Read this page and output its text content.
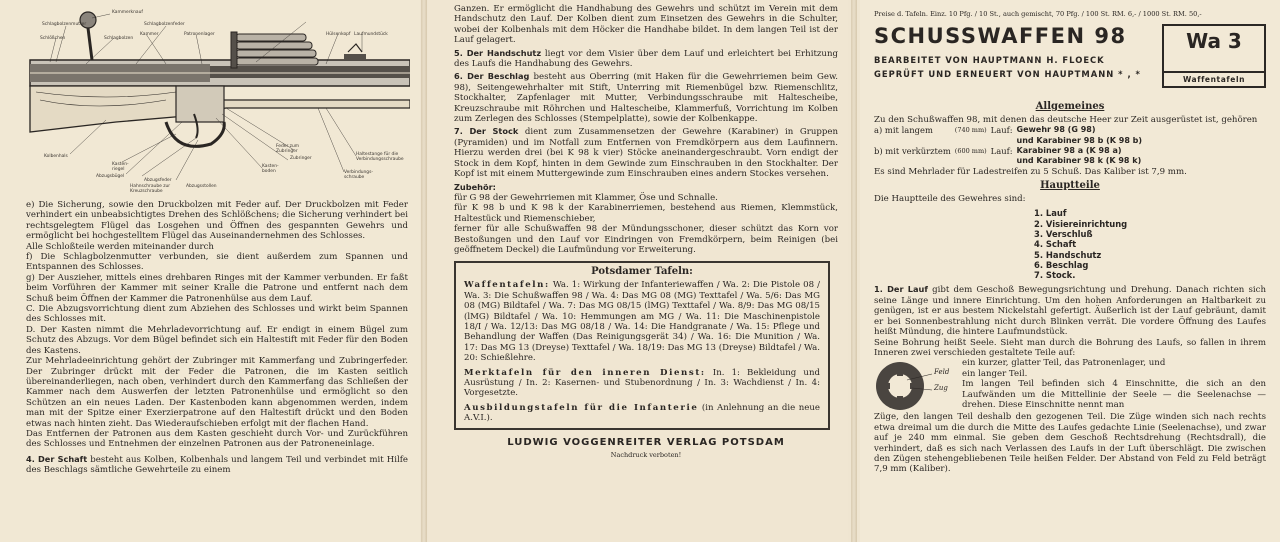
Kammerknauf
Schlagbolzenmutter
Schlößchen	Schlagbolzen
Schlagbolzenfeder
Kammer	Patronenlager	Hülsenkopf Laufmundstück
Kolbenhals
Abzugsbügel
Kasten-riegel
Abzugsfeder
Hahnschraube zur Kreuzschraube
Abzugsstollen
Kasten-boden
Zubringer
Feder zum Zubringer
Haltestange für die Verbindungsschraube
Verbindungs-schraube

e) Die Sicherung, sowie den Druckbolzen mit Feder auf. Der Druckbolzen mit Feder verhindert ein unbeabsichtigtes Drehen des Schlößchens; die Sicherung verhindert bei rechtsgelegtem Flügel das Losgehen und Öffnen des gespannten Gewehrs und ermöglicht bei hochgestelltem Flügel das Auseinandernehmen des Schlosses.

Alle Schloßteile werden miteinander durch

f) Die Schlagbolzenmutter verbunden, sie dient außerdem zum Spannen und Entspannen des Schlosses.

g) Der Auszieher, mittels eines drehbaren Ringes mit der Kammer verbunden. Er faßt beim Vorführen der Kammer mit seiner Kralle die Patrone und entfernt nach dem Schuß beim Öffnen der Kammer die Patronenhülse aus dem Lauf.

C. Die Abzugsvorrichtung dient zum Abziehen des Schlosses und wirkt beim Spannen des Schlosses mit.

D. Der Kasten nimmt die Mehrladevorrichtung auf. Er endigt in einem Bügel zum Schutz des Abzugs. Vor dem Bügel befindet sich ein Haltestift mit Feder für den Boden des Kastens.

Zur Mehrladeeinrichtung gehört der Zubringer mit Kammerfang und Zubringerfeder. Der Zubringer drückt mit der Feder die Patronen, die im Kasten seitlich übereinanderliegen, nach oben, verhindert durch den Kammerfang das Schließen der Kammer nach dem Auswerfen der letzten Patronenhülse und ermöglicht so den Schützen an ein neues Laden. Der Kastenboden kann abgenommen werden, indem man mit der Spitze einer Exerzierpatrone auf den Haltestift drückt und den Boden etwas nach hinten zieht. Das Wiederaufschieben erfolgt mit der flachen Hand.

Das Entfernen der Patronen aus dem Kasten geschieht durch Vor- und Zurückführen des Schlosses und Entnehmen der einzelnen Patronen aus der Patroneneinlage.

4. Der Schaft besteht aus Kolben, Kolbenhals und langem Teil und verbindet mit Hilfe des Beschlags sämtliche Gewehrteile zu einem

Ganzen. Er ermöglicht die Handhabung des Gewehrs und schützt im Verein mit dem Handschutz den Lauf. Der Kolben dient zum Einsetzen des Gewehrs in die Schulter, wobei der Kolbenhals mit dem Höcker die Handhabe bildet. In dem langen Teil ist der Lauf gelagert.

5. Der Handschutz liegt vor dem Visier über dem Lauf und erleichtert bei Erhitzung des Laufs die Handhabung des Gewehrs.

6. Der Beschlag besteht aus Oberring (mit Haken für die Gewehrriemen beim Gew. 98), Seitengewehrhalter mit Stift, Unterring mit Riemenbügel bzw. Riemenschlitz, Stockhalter, Zapfenlager mit Mutter, Verbindungsschraube mit Haltescheibe, Kreuzschraube mit Röhrchen und Haltescheibe, Klammerfuß, Vorrichtung im Kolben zum Zerlegen des Schlosses (Stempelplatte), sowie der Kolbenkappe.

7. Der Stock dient zum Zusammensetzen der Gewehre (Karabiner) in Gruppen (Pyramiden) und im Notfall zum Entfernen von Fremdkörpern aus dem Laufinnern. Hierzu werden drei (bei K 98 k vier) Stöcke aneinandergeschraubt. Vorn endigt der Stock in dem Kopf, hinten in dem Gewinde zum Einschrauben in den Stockhalter. Der Kopf ist mit einem Muttergewinde zum Einschrauben eines andern Stockes versehen.

Zubehör:

für G 98 der Gewehrriemen mit Klammer, Öse und Schnalle.

für K 98 b und K 98 k der Karabinerriemen, bestehend aus Riemen, Klemmstück, Haltestück und Riemenschieber,

ferner für alle Schußwaffen 98 der Mündungsschoner, dieser schützt das Korn vor Bestoßungen und den Lauf vor Eindringen von Fremdkörpern, beim Reinigen (bei geöffnetem Deckel) die Laufmündung vor Erweiterung.

Potsdamer Tafeln:

Waffentafeln: Wa. 1: Wirkung der Infanteriewaffen / Wa. 2: Die Pistole 08 / Wa. 3: Die Schußwaffen 98 / Wa. 4: Das MG 08 (MG) Texttafel / Wa. 5/6: Das MG 08 (MG) Bildtafel / Wa. 7: Das MG 08/15 (lMG) Texttafel / Wa. 8/9: Das MG 08/15 (lMG) Bildtafel / Wa. 10: Hemmungen am MG / Wa. 11: Die Maschinenpistole 18/I / Wa. 12/13: Das MG 08/18 / Wa. 14: Die Handgranate / Wa. 15: Pflege und Behandlung der Waffen (Das Reinigungsgerät 34) / Wa. 16: Die Munition / Wa. 17: Das MG 13 (Dreyse) Texttafel / Wa. 18/19: Das MG 13 (Dreyse) Bildtafel / Wa. 20: Schießlehre.

Merktafeln für den inneren Dienst: In. 1: Bekleidung und Ausrüstung / In. 2: Kasernen- und Stubenordnung / In. 3: Wachdienst / In. 4: Vorgesetzte.

Ausbildungstafeln für die Infanterie (in Anlehnung an die neue A.V.I.).

LUDWIG VOGGENREITER VERLAG POTSDAM
Nachdruck verboten!
Preise d. Tafeln. Einz. 10 Pfg. / 10 St., auch gemischt, 70 Pfg. / 100 St. RM. 6,- / 1000 St. RM. 50,-
SCHUSSWAFFEN 98
BEARBEITET VON HAUPTMANN H. FLOECK
GEPRÜFT UND ERNEUERT VON HAUPTMANN * , *
Wa 3
Waffentafeln
Allgemeines

Zu den Schußwaffen 98, mit denen das deutsche Heer zur Zeit ausgerüstet ist, gehören

a) mit langem	(740 mm)	Lauf:	Gewehr 98 (G 98)
			und Karabiner 98 b (K 98 b)
b) mit verkürztem	(600 mm)	Lauf:	Karabiner 98 a (K 98 a)
			und Karabiner 98 k (K 98 k)

Es sind Mehrlader für Ladestreifen zu 5 Schuß. Das Kaliber ist 7,9 mm.

Hauptteile

Die Hauptteile des Gewehres sind:

1. Lauf
2. Visiereinrichtung
3. Verschluß
4. Schaft
5. Handschutz
6. Beschlag
7. Stock.

1. Der Lauf gibt dem Geschoß Bewegungsrichtung und Drehung. Danach richten sich seine Länge und innere Einrichtung. Um den hohen Anforderungen an Haltbarkeit zu genügen, ist er aus bestem Nickelstahl gefertigt. Äußerlich ist der Lauf gebräunt, damit er bei Sonnenbestrahlung nicht durch Blinken verrät. Die vordere Öffnung des Laufes heißt Mündung, die hintere Laufmundstück.

Seine Bohrung heißt Seele. Sieht man durch die Bohrung des Laufs, so fallen in ihrem Inneren zwei verschieden gestaltete Teile auf:

Feld
Zug

ein kurzer, glatter Teil, das Patronenlager, und

ein langer Teil.

Im langen Teil befinden sich 4 Einschnitte, die sich an den Laufwänden um die Mittellinie der Seele — die Seelenachse — drehen. Diese Einschnitte nennt man

Züge, den langen Teil deshalb den gezogenen Teil. Die Züge winden sich nach rechts etwa dreimal um die durch die Mitte des Laufes gedachte Linie (Seelenachse), und zwar auf je 240 mm einmal. Sie geben dem Geschoß Rechtsdrehung (Rechtsdrall), die verhindert, daß es sich nach Verlassen des Laufs in der Luft überschlägt. Die zwischen den Zügen stehengebliebenen Teile heißen Felder. Der Abstand von Feld zu Feld beträgt 7,9 mm (Kaliber).
